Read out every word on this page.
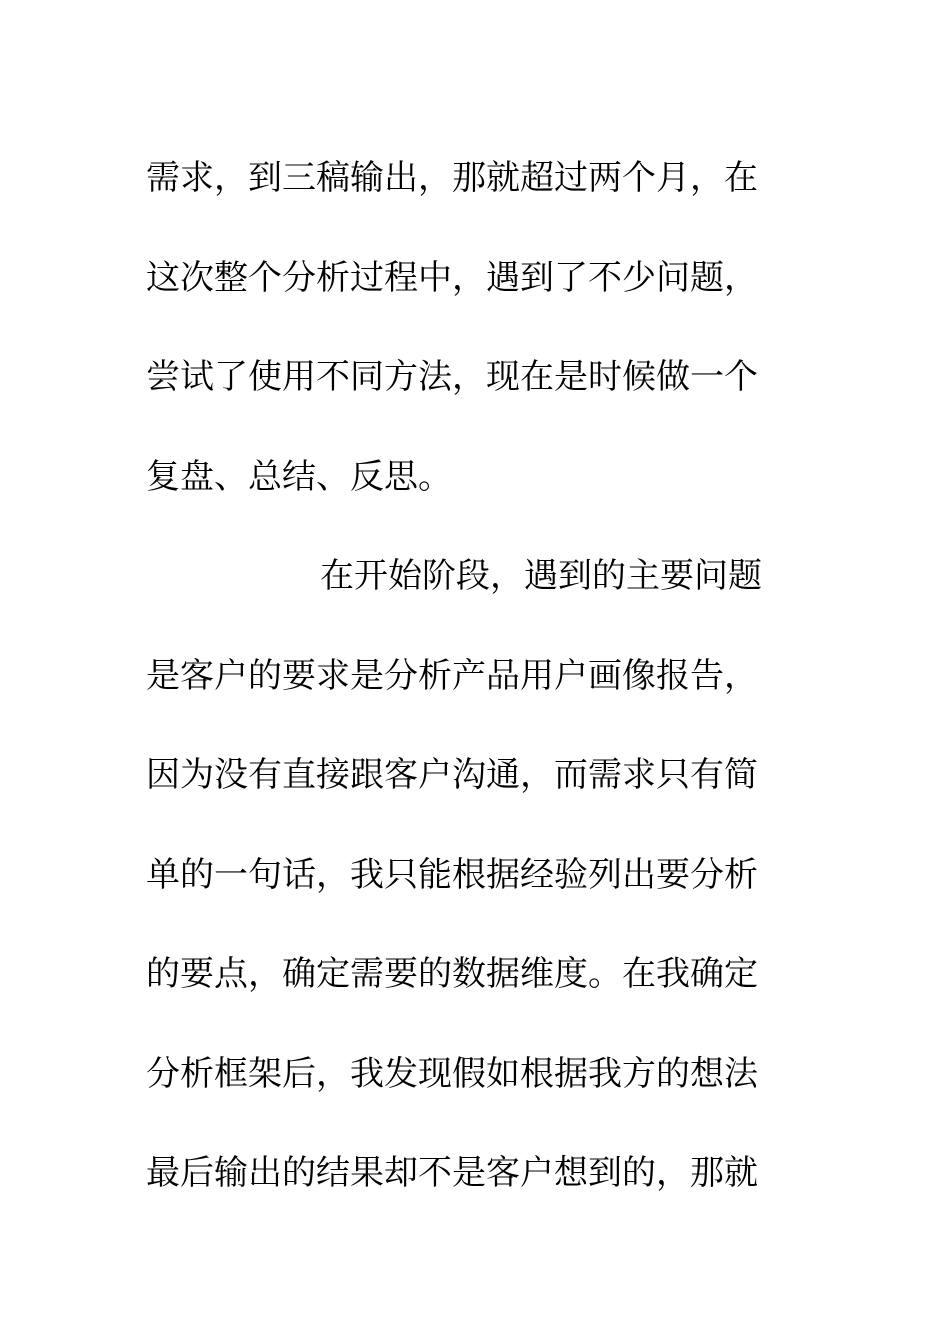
需求，到三稿输出，那就超过两个月，在
这次整个分析过程中，遇到了不少问题，
尝试了使用不同方法，现在是时候做一个
复盘、总结、反思。
在开始阶段，遇到的主要问题
是客户的要求是分析产品用户画像报告，
因为没有直接跟客户沟通，而需求只有简
单的一句话，我只能根据经验列出要分析
的要点，确定需要的数据维度。在我确定
分析框架后，我发现假如根据我方的想法
最后输出的结果却不是客户想到的，那就
